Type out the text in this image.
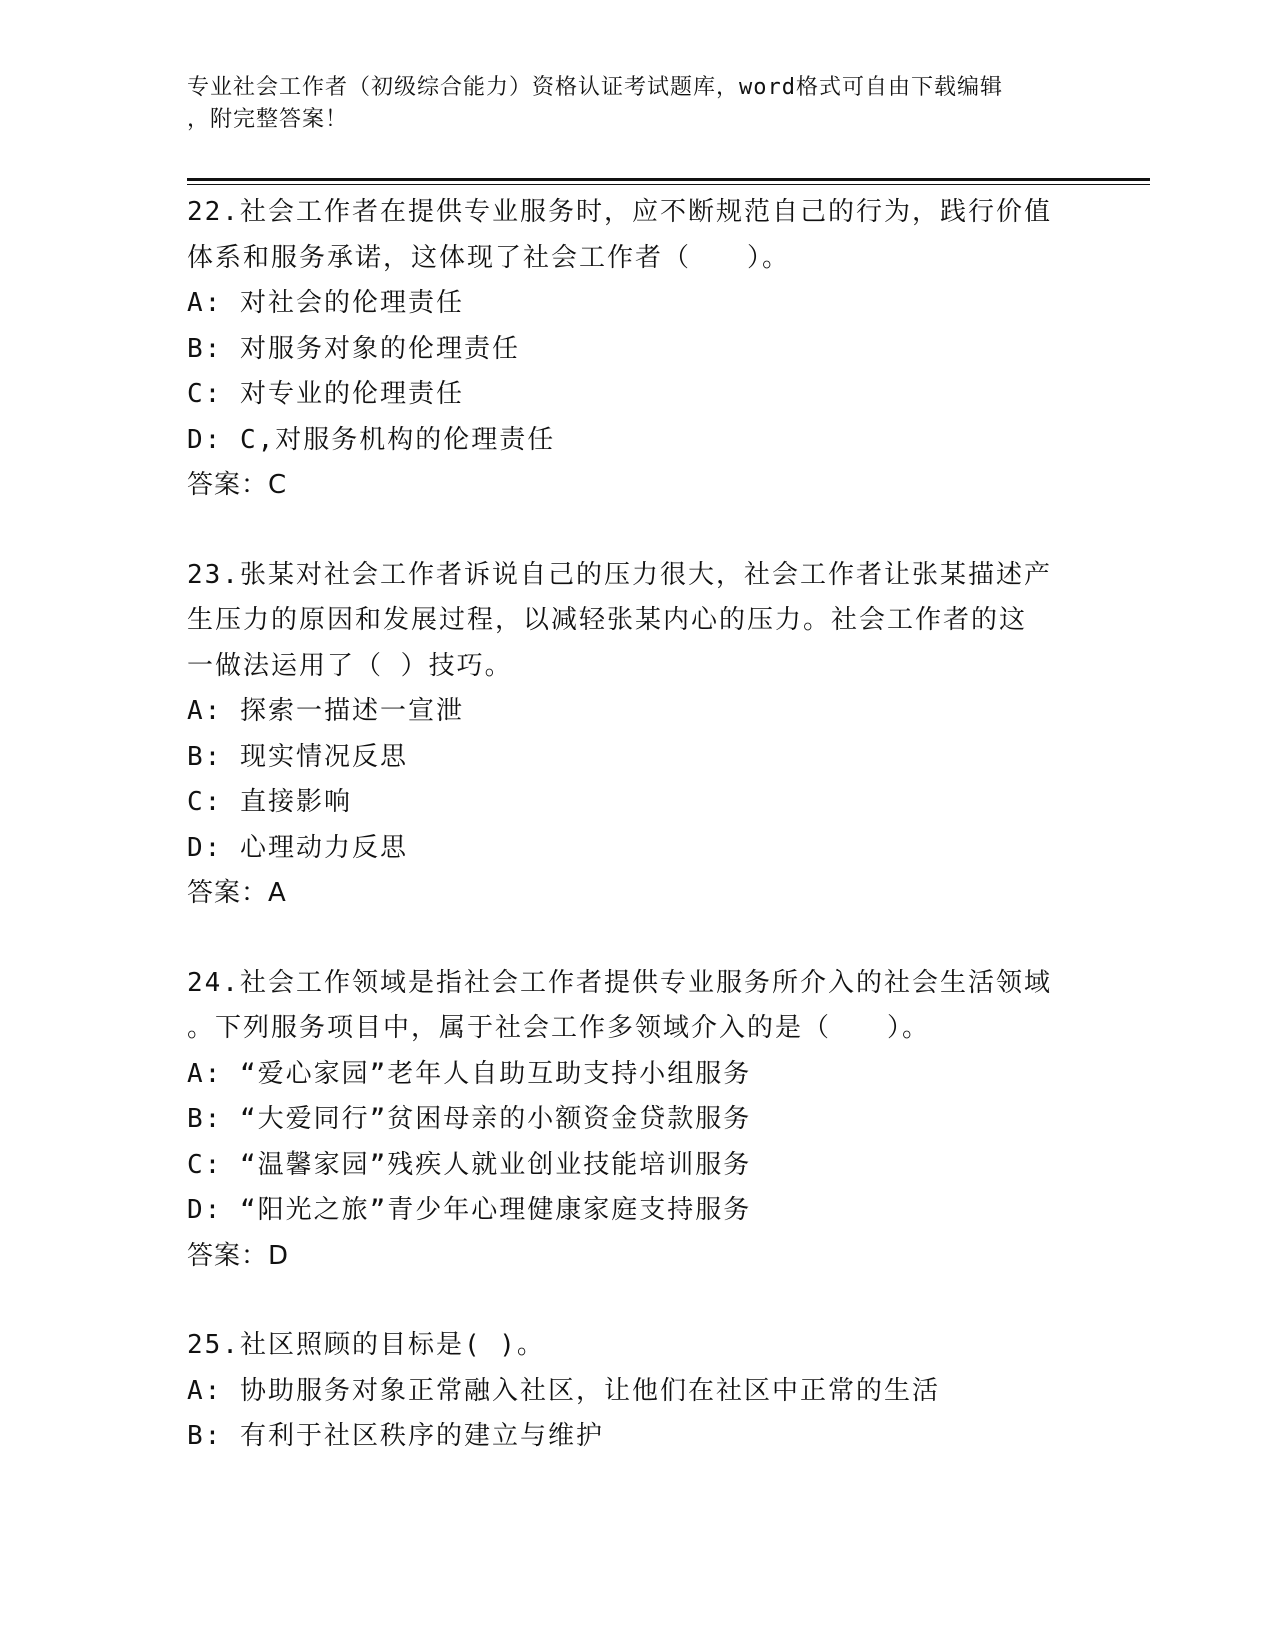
专业社会工作者（初级综合能力）资格认证考试题库，word格式可自由下载编辑
，附完整答案！
22.社会工作者在提供专业服务时，应不断规范自己的行为，践行价值
体系和服务承诺，这体现了社会工作者（　　）。
A: 对社会的伦理责任
B: 对服务对象的伦理责任
C: 对专业的伦理责任
D: C,对服务机构的伦理责任
答案：C
23.张某对社会工作者诉说自己的压力很大，社会工作者让张某描述产
生压力的原因和发展过程，以减轻张某内心的压力。社会工作者的这
一做法运用了（ ）技巧。
A: 探索一描述一宣泄
B: 现实情况反思
C: 直接影响
D: 心理动力反思
答案：A
24.社会工作领域是指社会工作者提供专业服务所介入的社会生活领域
。下列服务项目中，属于社会工作多领域介入的是（　　）。
A: “爱心家园”老年人自助互助支持小组服务
B: “大爱同行”贫困母亲的小额资金贷款服务
C: “温馨家园”残疾人就业创业技能培训服务
D: “阳光之旅”青少年心理健康家庭支持服务
答案：D
25.社区照顾的目标是( )。
A: 协助服务对象正常融入社区，让他们在社区中正常的生活
B: 有利于社区秩序的建立与维护
